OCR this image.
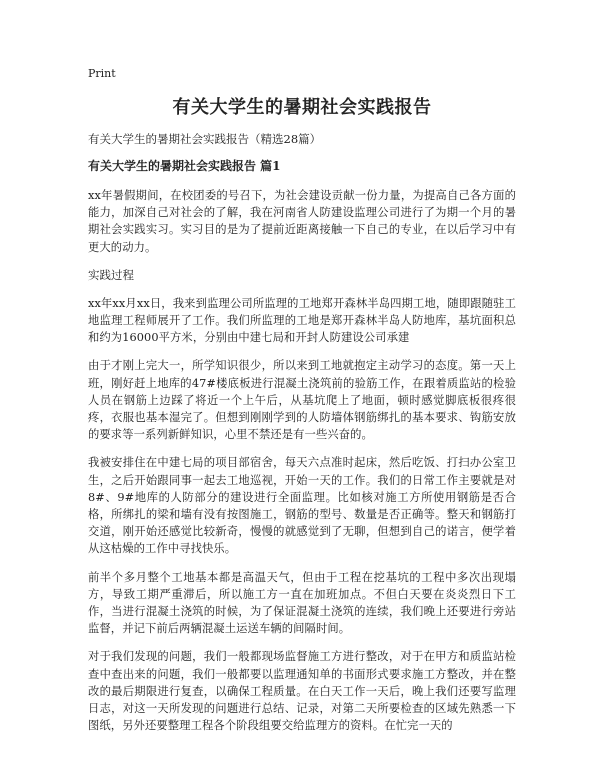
Print
有关大学生的暑期社会实践报告
有关大学生的暑期社会实践报告（精选28篇）
有关大学生的暑期社会实践报告 篇1

xx年暑假期间，在校团委的号召下，为社会建设贡献一份力量，为提高自己各方面的能力，加深自己对社会的了解，我在河南省人防建设监理公司进行了为期一个月的暑期社会实践实习。实习目的是为了提前近距离接触一下自己的专业，在以后学习中有更大的动力。

实践过程

xx年xx月xx日，我来到监理公司所监理的工地郑开森林半岛四期工地，随即跟随驻工地监理工程师展开了工作。我们所监理的工地是郑开森林半岛人防地库，基坑面积总和约为16000平方米，分别由中建七局和开封人防建设公司承建

由于才刚上完大一，所学知识很少，所以来到工地就抱定主动学习的态度。第一天上班，刚好赶上地库的47#楼底板进行混凝土浇筑前的验筋工作，在跟着质监站的检验人员在钢筋上边踩了将近一个上午后，从基坑爬上了地面，顿时感觉脚底板很疼很疼，衣服也基本湿完了。但想到刚刚学到的人防墙体钢筋绑扎的基本要求、钩筋安放的要求等一系列新鲜知识，心里不禁还是有一些兴奋的。

我被安排住在中建七局的项目部宿舍，每天六点准时起床，然后吃饭、打扫办公室卫生，之后开始跟同事一起去工地巡视，开始一天的工作。我们的日常工作主要就是对8#、9#地库的人防部分的建设进行全面监理。比如核对施工方所使用钢筋是否合格，所绑扎的梁和墙有没有按图施工，钢筋的型号、数量是否正确等。整天和钢筋打交道，刚开始还感觉比较新奇，慢慢的就感觉到了无聊，但想到自己的诺言，便学着从这枯燥的工作中寻找快乐。

前半个多月整个工地基本都是高温天气，但由于工程在挖基坑的工程中多次出现塌方，导致工期严重滞后，所以施工方一直在加班加点。不但白天要在炎炎烈日下工作，当进行混凝土浇筑的时候，为了保证混凝土浇筑的连续，我们晚上还要进行旁站监督，并记下前后两辆混凝土运送车辆的间隔时间。

对于我们发现的问题，我们一般都现场监督施工方进行整改，对于在甲方和质监站检查中查出来的问题，我们一般都要以监理通知单的书面形式要求施工方整改，并在整改的最后期限进行复查，以确保工程质量。在白天工作一天后，晚上我们还要写监理日志，对这一天所发现的问题进行总结、记录，对第二天所要检查的区域先熟悉一下图纸，另外还要整理工程各个阶段组要交给监理方的资料。在忙完一天的
